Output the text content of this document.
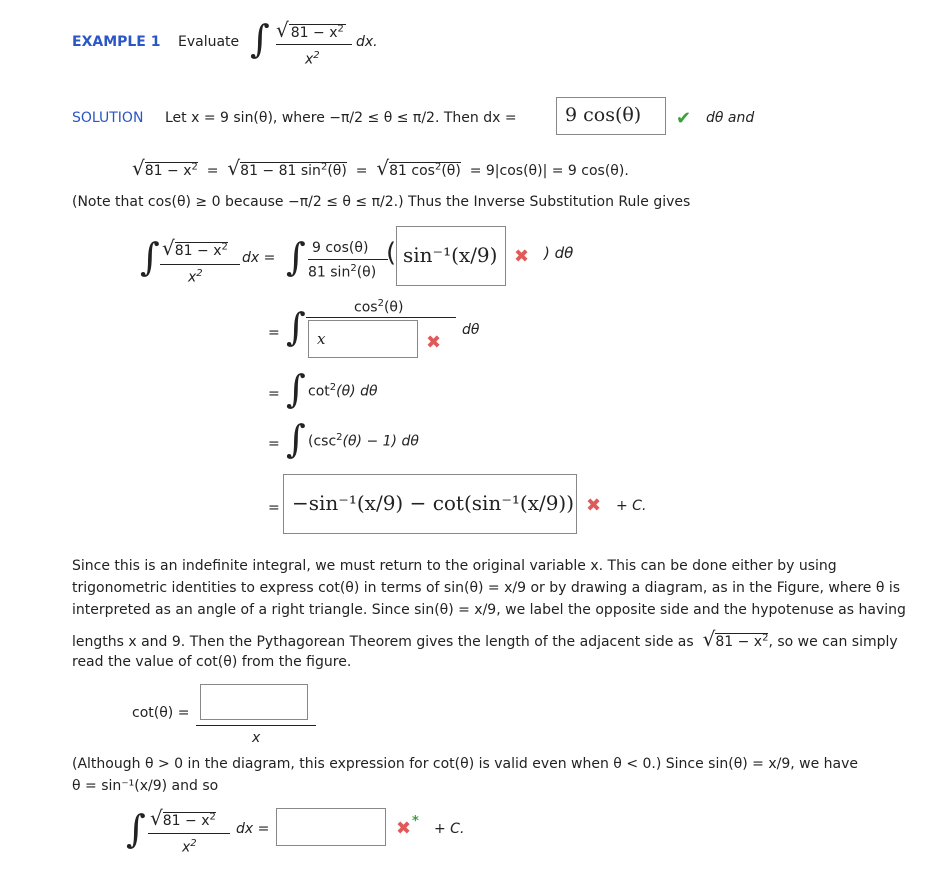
EXAMPLE 1 Evaluate ∫ √ $81 - x^2$
$x^2$
dx.
SOLUTION Let x = 9 sin(θ), where −π/2 ≤ θ ≤ π/2. Then dx =	9 cos(θ)	✔ dθ and
$√81 - x^2 = √81 - 81$ $\sin^2(\theta) = √81$ $\cos^2(\theta) = 9|\cos(\theta)| = 9$ cos(θ).
(Note that cos(θ) ≥ 0 because −π/2 ≤ θ ≤ π/2.) Thus the Inverse Substitution Rule gives
∫ $√81 - x^2$
$x^2$
dx = ∫ 9 cos(θ)
81 $\sin^2(\theta)$
( sin⁻¹(x/9) ✖ ) dθ
= ∫	$\cos^2(\theta)$
x	✖
dθ
= ∫ $\cot^2(\theta)$ dθ
= ∫ $(\csc^2(\theta) - 1)$ dθ
= −sin⁻¹(x/9) − cot(sin⁻¹(x/9)) ✖ + C.
Since this is an indefinite integral, we must return to the original variable x. This can be done either by using
trigonometric identities to express cot(θ) in terms of sin(θ) = x/9 or by drawing a diagram, as in the Figure, where θ is
interpreted as an angle of a right triangle. Since sin(θ) = x/9, we label the opposite side and the hypotenuse as having
lengths x and 9. Then the Pythagorean Theorem gives the length of the adjacent side as $√81 - x^2$, so we can simply
read the value of cot(θ) from the figure.
cot(θ) =
x
(Although θ > 0 in the diagram, this expression for cot(θ) is valid even when θ < 0.) Since sin(θ) = x/9, we have
θ = sin⁻¹(x/9) and so
∫ $√81 - x^2$
$x^2$
dx =	✖ * + C.
